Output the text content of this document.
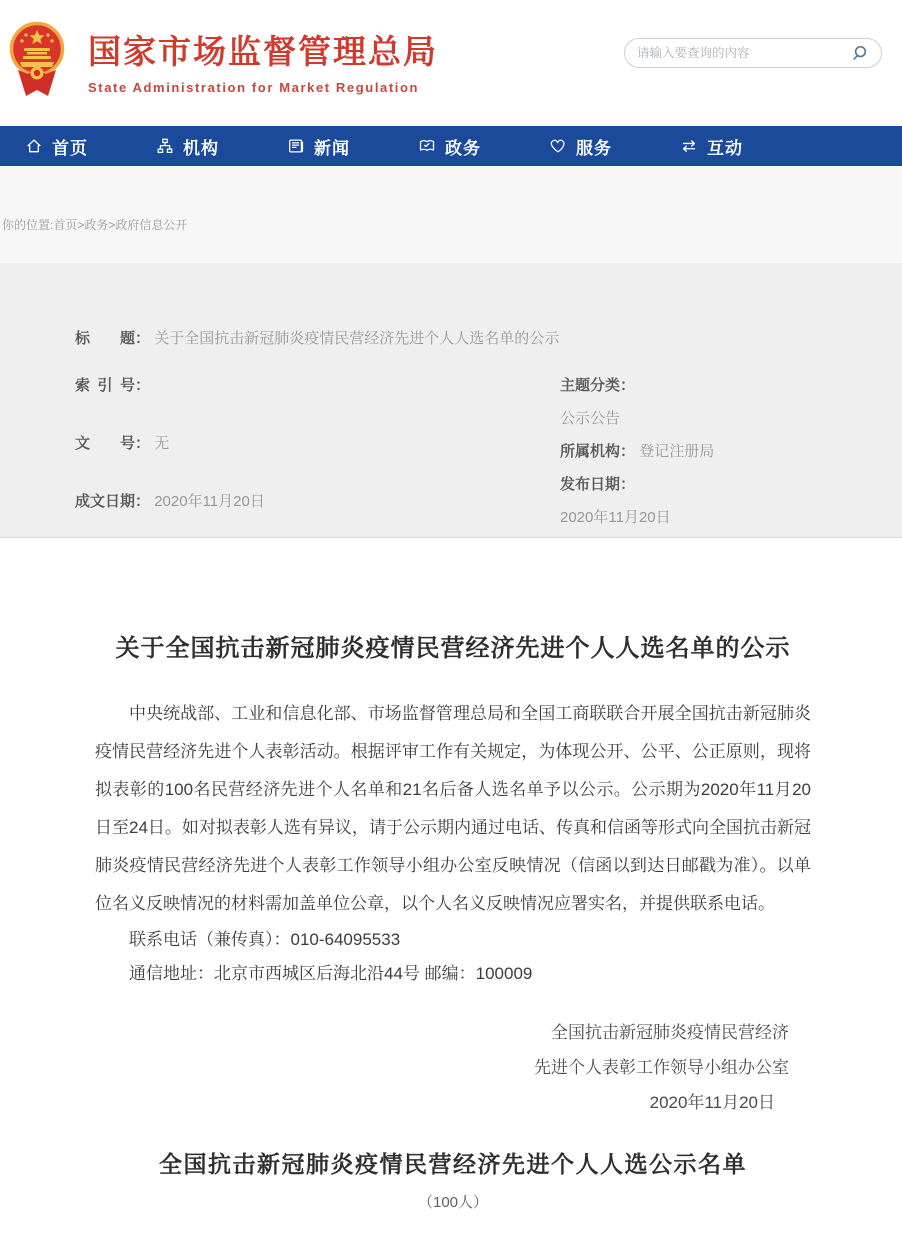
国家市场监督管理总局
State Administration for Market Regulation
请输入要查询的内容
首页	机构	新闻	政务	服务	互动
你的位置:首页>政务>政府信息公开
标　　题： 关于全国抗击新冠肺炎疫情民营经济先进个人人选名单的公示
索 引 号：
文　　号： 无
成文日期： 2020年11月20日
主题分类：
公示公告
所属机构： 登记注册局
发布日期：
2020年11月20日
关于全国抗击新冠肺炎疫情民营经济先进个人人选名单的公示
中央统战部、工业和信息化部、市场监督管理总局和全国工商联联合开展全国抗击新冠肺炎疫情民营经济先进个人表彰活动。根据评审工作有关规定，为体现公开、公平、公正原则，现将拟表彰的100名民营经济先进个人名单和21名后备人选名单予以公示。公示期为2020年11月20日至24日。如对拟表彰人选有异议，请于公示期内通过电话、传真和信函等形式向全国抗击新冠肺炎疫情民营经济先进个人表彰工作领导小组办公室反映情况（信函以到达日邮戳为准）。以单位名义反映情况的材料需加盖单位公章，以个人名义反映情况应署实名，并提供联系电话。
联系电话（兼传真）：010-64095533
通信地址：北京市西城区后海北沿44号 邮编：100009
全国抗击新冠肺炎疫情民营经济
先进个人表彰工作领导小组办公室
2020年11月20日
全国抗击新冠肺炎疫情民营经济先进个人人选公示名单
（100人）
